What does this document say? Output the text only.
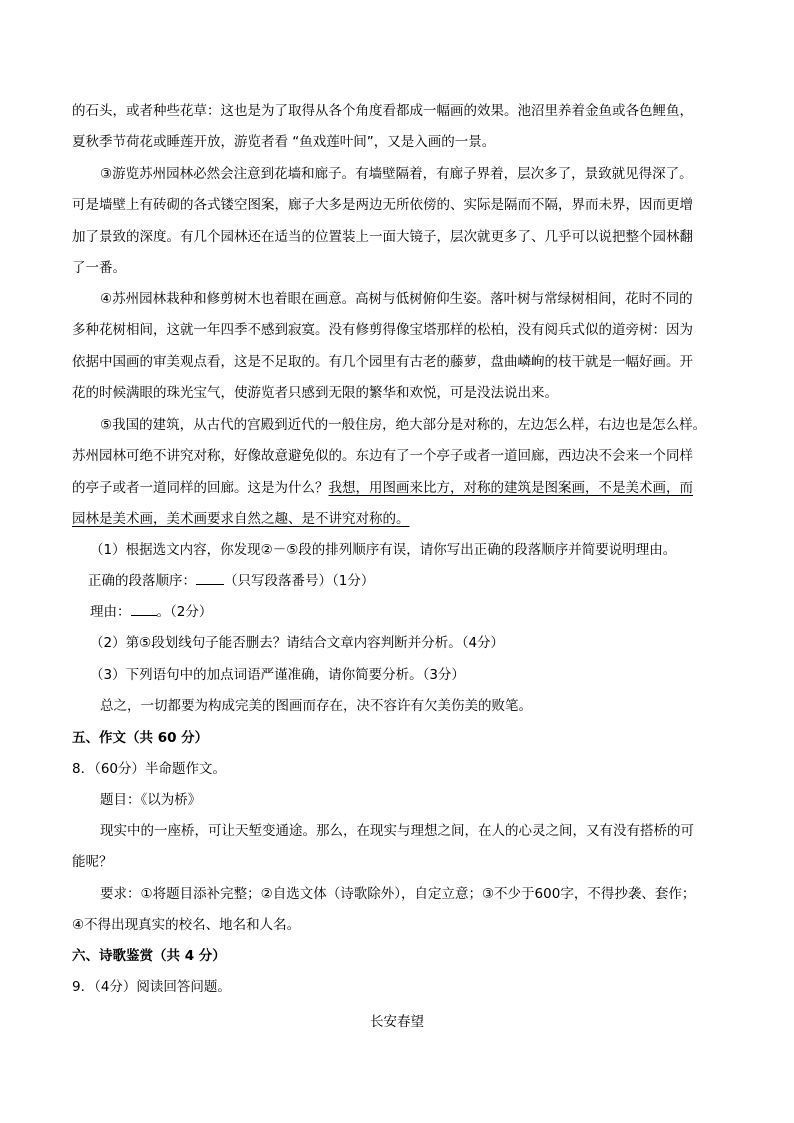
的石头，或者种些花草：这也是为了取得从各个角度看都成一幅画的效果。池沼里养着金鱼或各色鲤鱼，
夏秋季节荷花或睡莲开放，游览者看 “鱼戏莲叶间”，又是入画的一景。
③游览苏州园林必然会注意到花墙和廊子。有墙壁隔着，有廊子界着，层次多了，景致就见得深了。
可是墙壁上有砖砌的各式镂空图案，廊子大多是两边无所依傍的、实际是隔而不隔，界而未界，因而更增
加了景致的深度。有几个园林还在适当的位置装上一面大镜子，层次就更多了、几乎可以说把整个园林翻
了一番。
④苏州园林栽种和修剪树木也着眼在画意。高树与低树俯仰生姿。落叶树与常绿树相间，花时不同的
多种花树相间，这就一年四季不感到寂寞。没有修剪得像宝塔那样的松柏，没有阅兵式似的道旁树：因为
依据中国画的审美观点看，这是不足取的。有几个园里有古老的藤萝，盘曲嶙峋的枝干就是一幅好画。开
花的时候满眼的珠光宝气，使游览者只感到无限的繁华和欢悦，可是没法说出来。
⑤我国的建筑，从古代的宫殿到近代的一般住房，绝大部分是对称的，左边怎么样，右边也是怎么样。
苏州园林可绝不讲究对称，好像故意避免似的。东边有了一个亭子或者一道回廊，西边决不会来一个同样
的亭子或者一道同样的回廊。这是为什么？我想，用图画来比方，对称的建筑是图案画，不是美术画，而
园林是美术画，美术画要求自然之趣、是不讲究对称的。
（1）根据选文内容，你发现②－⑤段的排列顺序有误，请你写出正确的段落顺序并简要说明理由。
正确的段落顺序： （只写段落番号）（1分）
理由： 。（2分）
（2）第⑤段划线句子能否删去？请结合文章内容判断并分析。（4分）
（3）下列语句中的加点词语严谨准确，请你简要分析。（3分）
总之，一切都要为构成完美的图画而存在，决不容许有欠美伤美的败笔。
五、作文（共 60 分）
8．（60分）半命题作文。
题目：《以为桥》
现实中的一座桥，可让天堑变通途。那么，在现实与理想之间，在人的心灵之间，又有没有搭桥的可
能呢？
要求：①将题目添补完整；②自选文体（诗歌除外），自定立意；③不少于600字，不得抄袭、套作；
④不得出现真实的校名、地名和人名。
六、诗歌鉴赏（共 4 分）
9．（4分）阅读回答问题。
长安春望
